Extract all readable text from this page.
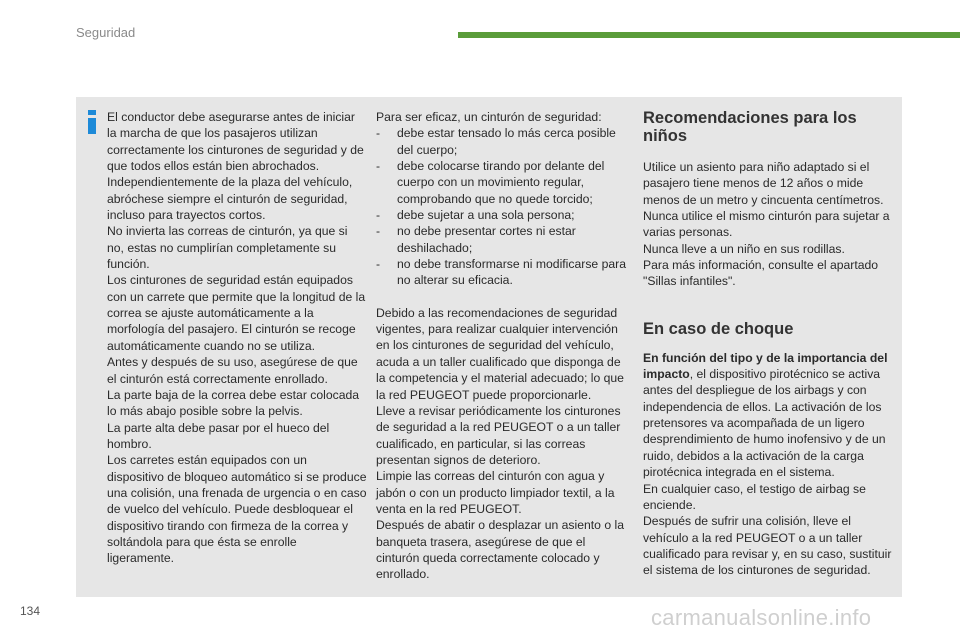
Seguridad

El conductor debe asegurarse antes de iniciar la marcha de que los pasajeros utilizan correctamente los cinturones de seguridad y de que todos ellos están bien abrochados.

Independientemente de la plaza del vehículo, abróchese siempre el cinturón de seguridad, incluso para trayectos cortos.

No invierta las correas de cinturón, ya que si no, estas no cumplirían completamente su función.

Los cinturones de seguridad están equipados con un carrete que permite que la longitud de la correa se ajuste automáticamente a la morfología del pasajero. El cinturón se recoge automáticamente cuando no se utiliza.

Antes y después de su uso, asegúrese de que el cinturón está correctamente enrollado.

La parte baja de la correa debe estar colocada lo más abajo posible sobre la pelvis.

La parte alta debe pasar por el hueco del hombro.

Los carretes están equipados con un dispositivo de bloqueo automático si se produce una colisión, una frenada de urgencia o en caso de vuelco del vehículo. Puede desbloquear el dispositivo tirando con firmeza de la correa y soltándola para que ésta se enrolle ligeramente.

Para ser eficaz, un cinturón de seguridad:

- debe estar tensado lo más cerca posible del cuerpo;
- debe colocarse tirando por delante del cuerpo con un movimiento regular, comprobando que no quede torcido;
- debe sujetar a una sola persona;
- no debe presentar cortes ni estar deshilachado;
- no debe transformarse ni modificarse para no alterar su eficacia.

Debido a las recomendaciones de seguridad vigentes, para realizar cualquier intervención en los cinturones de seguridad del vehículo, acuda a un taller cualificado que disponga de la competencia y el material adecuado; lo que la red PEUGEOT puede proporcionarle.

Lleve a revisar periódicamente los cinturones de seguridad a la red PEUGEOT o a un taller cualificado, en particular, si las correas presentan signos de deterioro.

Limpie las correas del cinturón con agua y jabón o con un producto limpiador textil, a la venta en la red PEUGEOT.

Después de abatir o desplazar un asiento o la banqueta trasera, asegúrese de que el cinturón queda correctamente colocado y enrollado.

Recomendaciones para los niños

Utilice un asiento para niño adaptado si el pasajero tiene menos de 12 años o mide menos de un metro y cincuenta centímetros.

Nunca utilice el mismo cinturón para sujetar a varias personas.

Nunca lleve a un niño en sus rodillas.

Para más información, consulte el apartado "Sillas infantiles".

En caso de choque

En función del tipo y de la importancia del impacto, el dispositivo pirotécnico se activa antes del despliegue de los airbags y con independencia de ellos. La activación de los pretensores va acompañada de un ligero desprendimiento de humo inofensivo y de un ruido, debidos a la activación de la carga pirotécnica integrada en el sistema.

En cualquier caso, el testigo de airbag se enciende.

Después de sufrir una colisión, lleve el vehículo a la red PEUGEOT o a un taller cualificado para revisar y, en su caso, sustituir el sistema de los cinturones de seguridad.

134	carmanualsonline.info
